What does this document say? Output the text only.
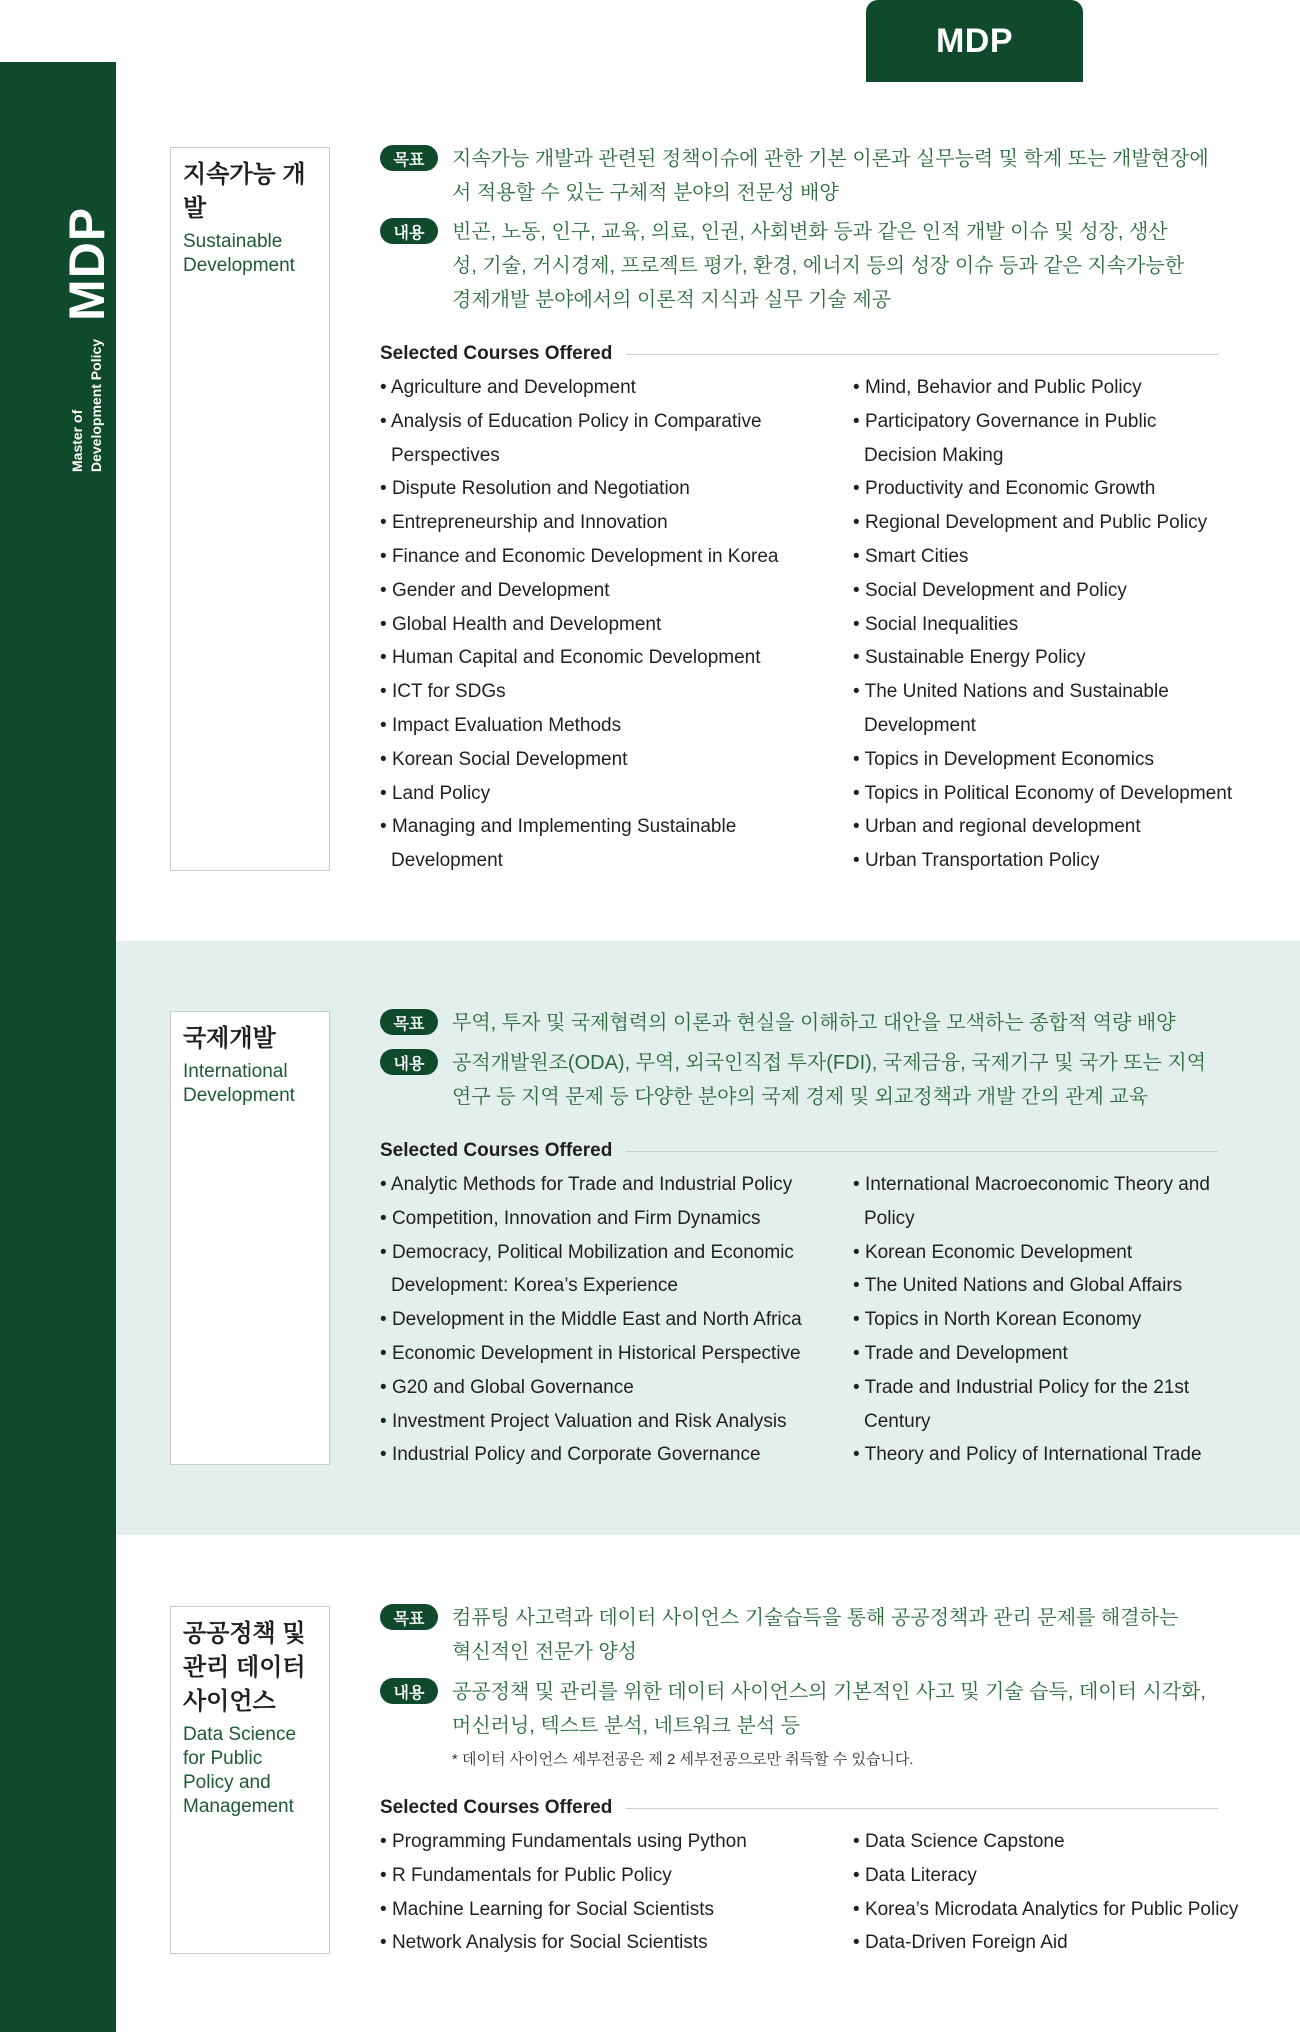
MDP
Master of Development Policy
MDP
지속가능 개발
Sustainable Development
목표	지속가능 개발과 관련된 정책이슈에 관한 기본 이론과 실무능력 및 학계 또는 개발현장에서 적용할 수 있는 구체적 분야의 전문성 배양
내용	빈곤, 노동, 인구, 교육, 의료, 인권, 사회변화 등과 같은 인적 개발 이슈 및 성장, 생산성, 기술, 거시경제, 프로젝트 평가, 환경, 에너지 등의 성장 이슈 등과 같은 지속가능한 경제개발 분야에서의 이론적 지식과 실무 기술 제공
Selected Courses Offered
• Agriculture and Development
• Analysis of Education Policy in Comparative Perspectives
• Dispute Resolution and Negotiation
• Entrepreneurship and Innovation
• Finance and Economic Development in Korea
• Gender and Development
• Global Health and Development
• Human Capital and Economic Development
• ICT for SDGs
• Impact Evaluation Methods
• Korean Social Development
• Land Policy
• Managing and Implementing Sustainable Development
• Mind, Behavior and Public Policy
• Participatory Governance in Public Decision Making
• Productivity and Economic Growth
• Regional Development and Public Policy
• Smart Cities
• Social Development and Policy
• Social Inequalities
• Sustainable Energy Policy
• The United Nations and Sustainable Development
• Topics in Development Economics
• Topics in Political Economy of Development
• Urban and regional development
• Urban Transportation Policy
국제개발
International Development
목표	무역, 투자 및 국제협력의 이론과 현실을 이해하고 대안을 모색하는 종합적 역량 배양
내용	공적개발원조(ODA), 무역, 외국인직접 투자(FDI), 국제금융, 국제기구 및 국가 또는 지역연구 등 지역 문제 등 다양한 분야의 국제 경제 및 외교정책과 개발 간의 관계 교육
Selected Courses Offered
• Analytic Methods for Trade and Industrial Policy
• Competition, Innovation and Firm Dynamics
• Democracy, Political Mobilization and Economic Development: Korea’s Experience
• Development in the Middle East and North Africa
• Economic Development in Historical Perspective
• G20 and Global Governance
• Investment Project Valuation and Risk Analysis
• Industrial Policy and Corporate Governance
• International Macroeconomic Theory and Policy
• Korean Economic Development
• The United Nations and Global Affairs
• Topics in North Korean Economy
• Trade and Development
• Trade and Industrial Policy for the 21st Century
• Theory and Policy of International Trade
공공정책 및 관리 데이터 사이언스
Data Science for Public Policy and Management
목표	컴퓨팅 사고력과 데이터 사이언스 기술습득을 통해 공공정책과 관리 문제를 해결하는 혁신적인 전문가 양성
내용	공공정책 및 관리를 위한 데이터 사이언스의 기본적인 사고 및 기술 습득, 데이터 시각화, 머신러닝, 텍스트 분석, 네트워크 분석 등
* 데이터 사이언스 세부전공은 제 2 세부전공으로만 취득할 수 있습니다.
Selected Courses Offered
• Programming Fundamentals using Python
• R Fundamentals for Public Policy
• Machine Learning for Social Scientists
• Network Analysis for Social Scientists
• Data Science Capstone
• Data Literacy
• Korea’s Microdata Analytics for Public Policy
• Data-Driven Foreign Aid
